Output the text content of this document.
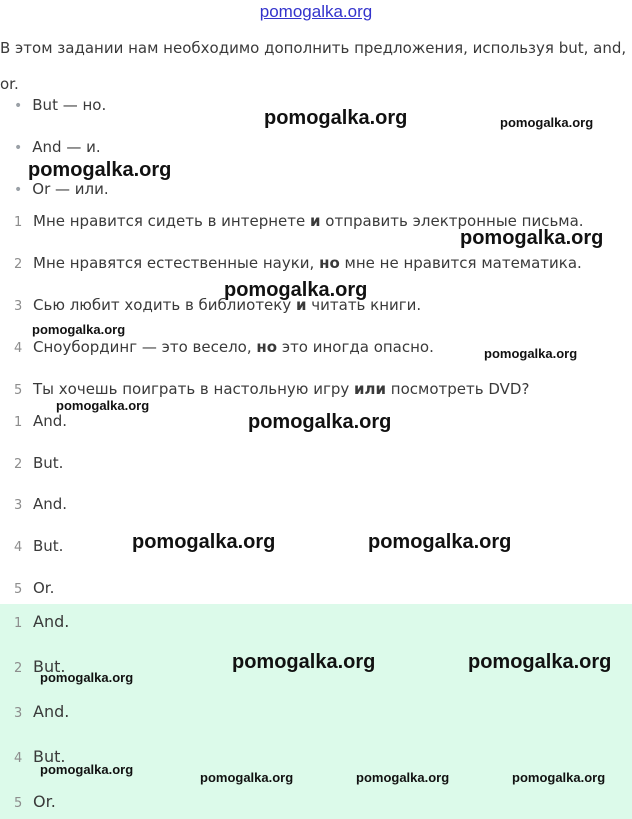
pomogalka.org
В этом задании нам необходимо дополнить предложения, используя but, and, or.
• But — но.
• And — и.
• Or — или.
1 Мне нравится сидеть в интернете и отправить электронные письма.
2 Мне нравятся естественные науки, но мне не нравится математика.
3 Сью любит ходить в библиотеку и читать книги.
4 Сноубординг — это весело, но это иногда опасно.
5 Ты хочешь поиграть в настольную игру или посмотреть DVD?
1 And.
2 But.
3 And.
4 But.
5 Or.
1 And.
2 But.
3 And.
4 But.
5 Or.
pomogalka.org	pomogalka.org
pomogalka.org
pomogalka.org
pomogalka.org
pomogalka.org
pomogalka.org
pomogalka.org
pomogalka.org
pomogalka.org	pomogalka.org
pomogalka.org	pomogalka.org
pomogalka.org
pomogalka.org
pomogalka.org	pomogalka.org	pomogalka.org
